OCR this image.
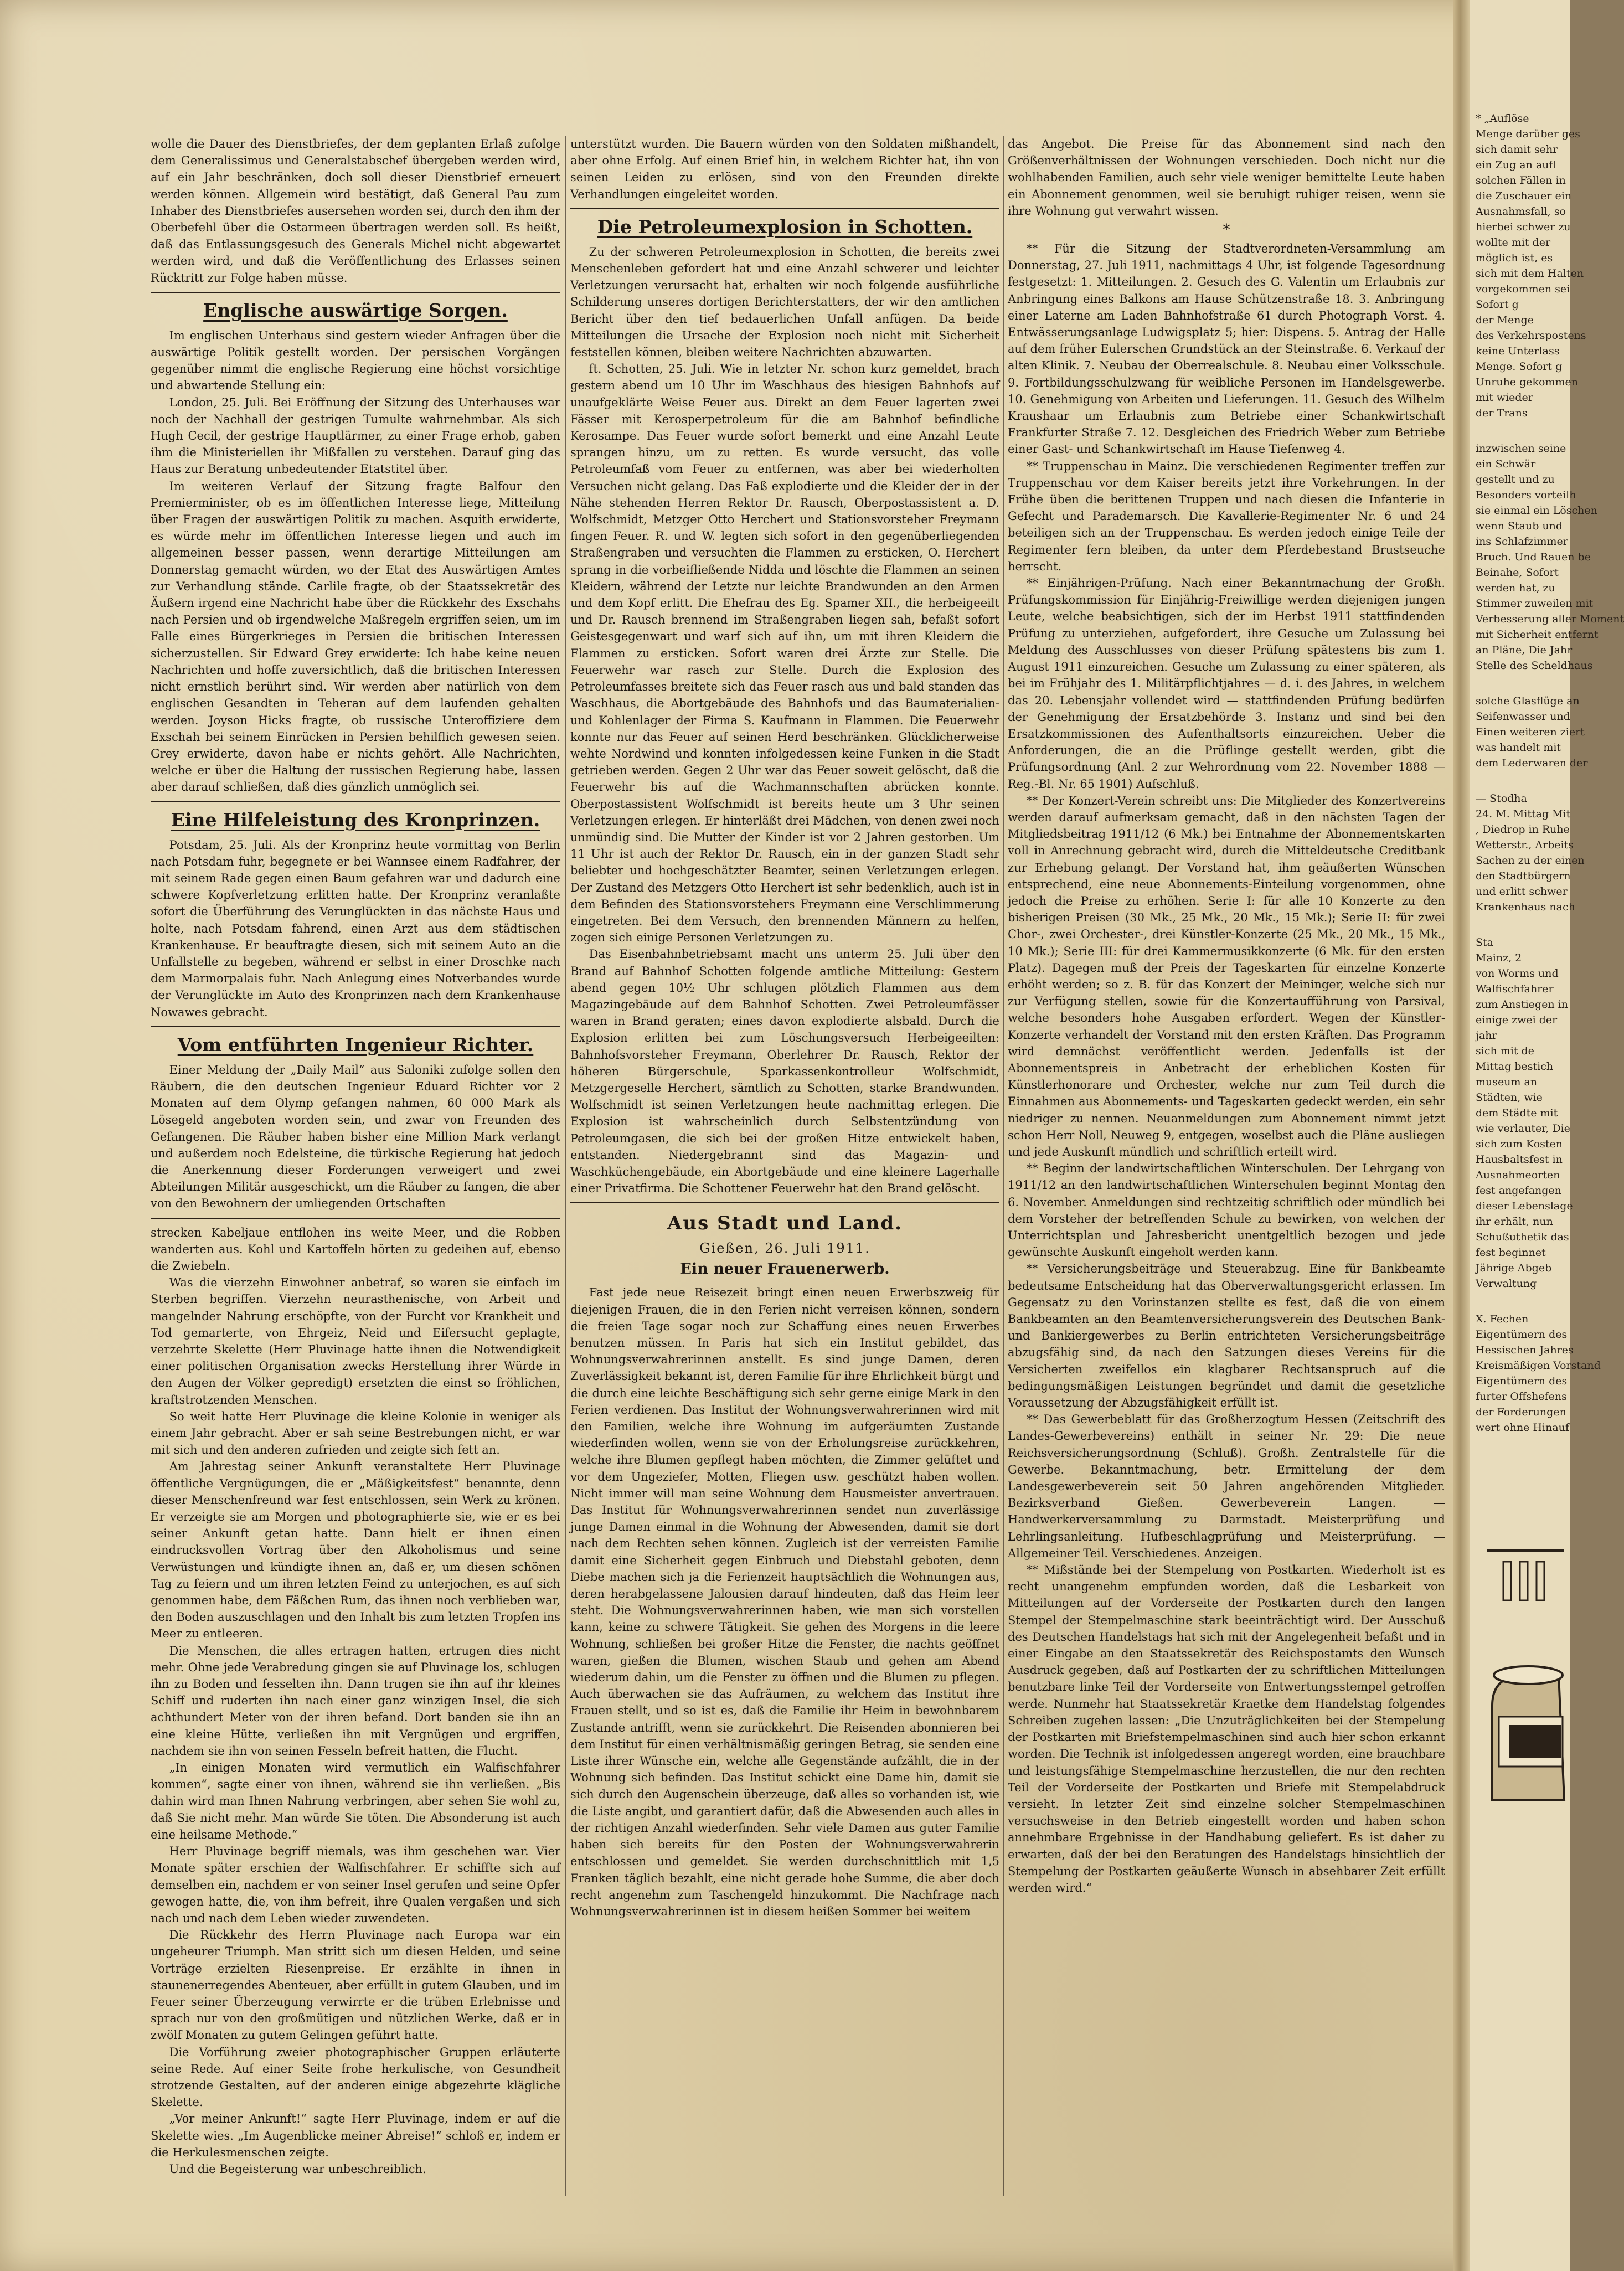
wolle die Dauer des Dienstbriefes, der dem geplanten Erlaß zufolge dem Generalissimus und Generalstabschef übergeben werden wird, auf ein Jahr beschränken, doch soll dieser Dienstbrief erneuert werden können. Allgemein wird bestätigt, daß General Pau zum Inhaber des Dienstbriefes ausersehen worden sei, durch den ihm der Oberbefehl über die Ostarmeen übertragen werden soll. Es heißt, daß das Entlassungsgesuch des Generals Michel nicht abgewartet werden wird, und daß die Veröffentlichung des Erlasses seinen Rücktritt zur Folge haben müsse.

Englische auswärtige Sorgen.

Im englischen Unterhaus sind gestern wieder Anfragen über die auswärtige Politik gestellt worden. Der persischen Vorgängen gegenüber nimmt die englische Regierung eine höchst vorsichtige und abwartende Stellung ein:

London, 25. Juli. Bei Eröffnung der Sitzung des Unterhauses war noch der Nachhall der gestrigen Tumulte wahrnehmbar. Als sich Hugh Cecil, der gestrige Hauptlärmer, zu einer Frage erhob, gaben ihm die Ministeriellen ihr Mißfallen zu verstehen. Darauf ging das Haus zur Beratung unbedeutender Etatstitel über.

Im weiteren Verlauf der Sitzung fragte Balfour den Premierminister, ob es im öffentlichen Interesse liege, Mitteilung über Fragen der auswärtigen Politik zu machen. Asquith erwiderte, es würde mehr im öffentlichen Interesse liegen und auch im allgemeinen besser passen, wenn derartige Mitteilungen am Donnerstag gemacht würden, wo der Etat des Auswärtigen Amtes zur Verhandlung stände. Carlile fragte, ob der Staatssekretär des Äußern irgend eine Nachricht habe über die Rückkehr des Exschahs nach Persien und ob irgendwelche Maßregeln ergriffen seien, um im Falle eines Bürgerkrieges in Persien die britischen Interessen sicherzustellen. Sir Edward Grey erwiderte: Ich habe keine neuen Nachrichten und hoffe zuversichtlich, daß die britischen Interessen nicht ernstlich berührt sind. Wir werden aber natürlich von dem englischen Gesandten in Teheran auf dem laufenden gehalten werden. Joyson Hicks fragte, ob russische Unteroffiziere dem Exschah bei seinem Einrücken in Persien behilflich gewesen seien. Grey erwiderte, davon habe er nichts gehört. Alle Nachrichten, welche er über die Haltung der russischen Regierung habe, lassen aber darauf schließen, daß dies gänzlich unmöglich sei.

Eine Hilfeleistung des Kronprinzen.

Potsdam, 25. Juli. Als der Kronprinz heute vormittag von Berlin nach Potsdam fuhr, begegnete er bei Wannsee einem Radfahrer, der mit seinem Rade gegen einen Baum gefahren war und dadurch eine schwere Kopfverletzung erlitten hatte. Der Kronprinz veranlaßte sofort die Überführung des Verunglückten in das nächste Haus und holte, nach Potsdam fahrend, einen Arzt aus dem städtischen Krankenhause. Er beauftragte diesen, sich mit seinem Auto an die Unfallstelle zu begeben, während er selbst in einer Droschke nach dem Marmorpalais fuhr. Nach Anlegung eines Notverbandes wurde der Verunglückte im Auto des Kronprinzen nach dem Krankenhause Nowawes gebracht.

Vom entführten Ingenieur Richter.

Einer Meldung der „Daily Mail“ aus Saloniki zufolge sollen den Räubern, die den deutschen Ingenieur Eduard Richter vor 2 Monaten auf dem Olymp gefangen nahmen, 60 000 Mark als Lösegeld angeboten worden sein, und zwar von Freunden des Gefangenen. Die Räuber haben bisher eine Million Mark verlangt und außerdem noch Edelsteine, die türkische Regierung hat jedoch die Anerkennung dieser Forderungen verweigert und zwei Abteilungen Militär ausgeschickt, um die Räuber zu fangen, die aber von den Bewohnern der umliegenden Ortschaften

strecken Kabeljaue entflohen ins weite Meer, und die Robben wanderten aus. Kohl und Kartoffeln hörten zu gedeihen auf, ebenso die Zwiebeln.

Was die vierzehn Einwohner anbetraf, so waren sie einfach im Sterben begriffen. Vierzehn neurasthenische, von Arbeit und mangelnder Nahrung erschöpfte, von der Furcht vor Krankheit und Tod gemarterte, von Ehrgeiz, Neid und Eifersucht geplagte, verzehrte Skelette (Herr Pluvinage hatte ihnen die Notwendigkeit einer politischen Organisation zwecks Herstellung ihrer Würde in den Augen der Völker gepredigt) ersetzten die einst so fröhlichen, kraftstrotzenden Menschen.

So weit hatte Herr Pluvinage die kleine Kolonie in weniger als einem Jahr gebracht. Aber er sah seine Bestrebungen nicht, er war mit sich und den anderen zufrieden und zeigte sich fett an.

Am Jahrestag seiner Ankunft veranstaltete Herr Pluvinage öffentliche Vergnügungen, die er „Mäßigkeitsfest“ benannte, denn dieser Menschenfreund war fest entschlossen, sein Werk zu krönen. Er verzeigte sie am Morgen und photographierte sie, wie er es bei seiner Ankunft getan hatte. Dann hielt er ihnen einen eindrucksvollen Vortrag über den Alkoholismus und seine Verwüstungen und kündigte ihnen an, daß er, um diesen schönen Tag zu feiern und um ihren letzten Feind zu unterjochen, es auf sich genommen habe, dem Fäßchen Rum, das ihnen noch verblieben war, den Boden auszuschlagen und den Inhalt bis zum letzten Tropfen ins Meer zu entleeren.

Die Menschen, die alles ertragen hatten, ertrugen dies nicht mehr. Ohne jede Verabredung gingen sie auf Pluvinage los, schlugen ihn zu Boden und fesselten ihn. Dann trugen sie ihn auf ihr kleines Schiff und ruderten ihn nach einer ganz winzigen Insel, die sich achthundert Meter von der ihren befand. Dort banden sie ihn an eine kleine Hütte, verließen ihn mit Vergnügen und ergriffen, nachdem sie ihn von seinen Fesseln befreit hatten, die Flucht.

„In einigen Monaten wird vermutlich ein Walfischfahrer kommen“, sagte einer von ihnen, während sie ihn verließen. „Bis dahin wird man Ihnen Nahrung verbringen, aber sehen Sie wohl zu, daß Sie nicht mehr. Man würde Sie töten. Die Absonderung ist auch eine heilsame Methode.“

Herr Pluvinage begriff niemals, was ihm geschehen war. Vier Monate später erschien der Walfischfahrer. Er schiffte sich auf demselben ein, nachdem er von seiner Insel gerufen und seine Opfer gewogen hatte, die, von ihm befreit, ihre Qualen vergaßen und sich nach und nach dem Leben wieder zuwendeten.

Die Rückkehr des Herrn Pluvinage nach Europa war ein ungeheurer Triumph. Man stritt sich um diesen Helden, und seine Vorträge erzielten Riesenpreise. Er erzählte in ihnen in staunenerregendes Abenteuer, aber erfüllt in gutem Glauben, und im Feuer seiner Überzeugung verwirrte er die trüben Erlebnisse und sprach nur von den großmütigen und nützlichen Werke, daß er in zwölf Monaten zu gutem Gelingen geführt hatte.

Die Vorführung zweier photographischer Gruppen erläuterte seine Rede. Auf einer Seite frohe herkulische, von Gesundheit strotzende Gestalten, auf der anderen einige abgezehrte klägliche Skelette.

„Vor meiner Ankunft!“ sagte Herr Pluvinage, indem er auf die Skelette wies. „Im Augenblicke meiner Abreise!“ schloß er, indem er die Herkulesmenschen zeigte.

Und die Begeisterung war unbeschreiblich.

unterstützt wurden. Die Bauern würden von den Soldaten mißhandelt, aber ohne Erfolg. Auf einen Brief hin, in welchem Richter hat, ihn von seinen Leiden zu erlösen, sind von den Freunden direkte Verhandlungen eingeleitet worden.

Die Petroleumexplosion in Schotten.

Zu der schweren Petroleumexplosion in Schotten, die bereits zwei Menschenleben gefordert hat und eine Anzahl schwerer und leichter Verletzungen verursacht hat, erhalten wir noch folgende ausführliche Schilderung unseres dortigen Berichterstatters, der wir den amtlichen Bericht über den tief bedauerlichen Unfall anfügen. Da beide Mitteilungen die Ursache der Explosion noch nicht mit Sicherheit feststellen können, bleiben weitere Nachrichten abzuwarten.

ft. Schotten, 25. Juli. Wie in letzter Nr. schon kurz gemeldet, brach gestern abend um 10 Uhr im Waschhaus des hiesigen Bahnhofs auf unaufgeklärte Weise Feuer aus. Direkt an dem Feuer lagerten zwei Fässer mit Kerosperpetroleum für die am Bahnhof befindliche Kerosampe. Das Feuer wurde sofort bemerkt und eine Anzahl Leute sprangen hinzu, um zu retten. Es wurde versucht, das volle Petroleumfaß vom Feuer zu entfernen, was aber bei wiederholten Versuchen nicht gelang. Das Faß explodierte und die Kleider der in der Nähe stehenden Herren Rektor Dr. Rausch, Oberpostassistent a. D. Wolfschmidt, Metzger Otto Herchert und Stationsvorsteher Freymann fingen Feuer. R. und W. legten sich sofort in den gegenüberliegenden Straßengraben und versuchten die Flammen zu ersticken, O. Herchert sprang in die vorbeifließende Nidda und löschte die Flammen an seinen Kleidern, während der Letzte nur leichte Brandwunden an den Armen und dem Kopf erlitt. Die Ehefrau des Eg. Spamer XII., die herbeigeeilt und Dr. Rausch brennend im Straßengraben liegen sah, befaßt sofort Geistesgegenwart und warf sich auf ihn, um mit ihren Kleidern die Flammen zu ersticken. Sofort waren drei Ärzte zur Stelle. Die Feuerwehr war rasch zur Stelle. Durch die Explosion des Petroleumfasses breitete sich das Feuer rasch aus und bald standen das Waschhaus, die Abortgebäude des Bahnhofs und das Baumaterialien- und Kohlenlager der Firma S. Kaufmann in Flammen. Die Feuerwehr konnte nur das Feuer auf seinen Herd beschränken. Glücklicherweise wehte Nordwind und konnten infolgedessen keine Funken in die Stadt getrieben werden. Gegen 2 Uhr war das Feuer soweit gelöscht, daß die Feuerwehr bis auf die Wachmannschaften abrücken konnte. Oberpostassistent Wolfschmidt ist bereits heute um 3 Uhr seinen Verletzungen erlegen. Er hinterläßt drei Mädchen, von denen zwei noch unmündig sind. Die Mutter der Kinder ist vor 2 Jahren gestorben. Um 11 Uhr ist auch der Rektor Dr. Rausch, ein in der ganzen Stadt sehr beliebter und hochgeschätzter Beamter, seinen Verletzungen erlegen. Der Zustand des Metzgers Otto Herchert ist sehr bedenklich, auch ist in dem Befinden des Stationsvorstehers Freymann eine Verschlimmerung eingetreten. Bei dem Versuch, den brennenden Männern zu helfen, zogen sich einige Personen Verletzungen zu.

Das Eisenbahnbetriebsamt macht uns unterm 25. Juli über den Brand auf Bahnhof Schotten folgende amtliche Mitteilung: Gestern abend gegen 10½ Uhr schlugen plötzlich Flammen aus dem Magazingebäude auf dem Bahnhof Schotten. Zwei Petroleumfässer waren in Brand geraten; eines davon explodierte alsbald. Durch die Explosion erlitten bei zum Löschungsversuch Herbeigeeilten: Bahnhofsvorsteher Freymann, Oberlehrer Dr. Rausch, Rektor der höheren Bürgerschule, Sparkassenkontrolleur Wolfschmidt, Metzgergeselle Herchert, sämtlich zu Schotten, starke Brandwunden. Wolfschmidt ist seinen Verletzungen heute nachmittag erlegen. Die Explosion ist wahrscheinlich durch Selbstentzündung von Petroleumgasen, die sich bei der großen Hitze entwickelt haben, entstanden. Niedergebrannt sind das Magazin- und Waschküchengebäude, ein Abortgebäude und eine kleinere Lagerhalle einer Privatfirma. Die Schottener Feuerwehr hat den Brand gelöscht.

Aus Stadt und Land.
Gießen, 26. Juli 1911.
Ein neuer Frauenerwerb.

Fast jede neue Reisezeit bringt einen neuen Erwerbszweig für diejenigen Frauen, die in den Ferien nicht verreisen können, sondern die freien Tage sogar noch zur Schaffung eines neuen Erwerbes benutzen müssen. In Paris hat sich ein Institut gebildet, das Wohnungsverwahrerinnen anstellt. Es sind junge Damen, deren Zuverlässigkeit bekannt ist, deren Familie für ihre Ehrlichkeit bürgt und die durch eine leichte Beschäftigung sich sehr gerne einige Mark in den Ferien verdienen. Das Institut der Wohnungsverwahrerinnen wird mit den Familien, welche ihre Wohnung im aufgeräumten Zustande wiederfinden wollen, wenn sie von der Erholungsreise zurückkehren, welche ihre Blumen gepflegt haben möchten, die Zimmer gelüftet und vor dem Ungeziefer, Motten, Fliegen usw. geschützt haben wollen. Nicht immer will man seine Wohnung dem Hausmeister anvertrauen. Das Institut für Wohnungsverwahrerinnen sendet nun zuverlässige junge Damen einmal in die Wohnung der Abwesenden, damit sie dort nach dem Rechten sehen können. Zugleich ist der verreisten Familie damit eine Sicherheit gegen Einbruch und Diebstahl geboten, denn Diebe machen sich ja die Ferienzeit hauptsächlich die Wohnungen aus, deren herabgelassene Jalousien darauf hindeuten, daß das Heim leer steht. Die Wohnungsverwahrerinnen haben, wie man sich vorstellen kann, keine zu schwere Tätigkeit. Sie gehen des Morgens in die leere Wohnung, schließen bei großer Hitze die Fenster, die nachts geöffnet waren, gießen die Blumen, wischen Staub und gehen am Abend wiederum dahin, um die Fenster zu öffnen und die Blumen zu pflegen. Auch überwachen sie das Aufräumen, zu welchem das Institut ihre Frauen stellt, und so ist es, daß die Familie ihr Heim in bewohnbarem Zustande antrifft, wenn sie zurückkehrt. Die Reisenden abonnieren bei dem Institut für einen verhältnismäßig geringen Betrag, sie senden eine Liste ihrer Wünsche ein, welche alle Gegenstände aufzählt, die in der Wohnung sich befinden. Das Institut schickt eine Dame hin, damit sie sich durch den Augenschein überzeuge, daß alles so vorhanden ist, wie die Liste angibt, und garantiert dafür, daß die Abwesenden auch alles in der richtigen Anzahl wiederfinden. Sehr viele Damen aus guter Familie haben sich bereits für den Posten der Wohnungsverwahrerin entschlossen und gemeldet. Sie werden durchschnittlich mit 1,5 Franken täglich bezahlt, eine nicht gerade hohe Summe, die aber doch recht angenehm zum Taschengeld hinzukommt. Die Nachfrage nach Wohnungsverwahrerinnen ist in diesem heißen Sommer bei weitem

das Angebot. Die Preise für das Abonnement sind nach den Größenverhältnissen der Wohnungen verschieden. Doch nicht nur die wohlhabenden Familien, auch sehr viele weniger bemittelte Leute haben ein Abonnement genommen, weil sie beruhigt ruhiger reisen, wenn sie ihre Wohnung gut verwahrt wissen.

*

** Für die Sitzung der Stadtverordneten-Versammlung am Donnerstag, 27. Juli 1911, nachmittags 4 Uhr, ist folgende Tagesordnung festgesetzt: 1. Mitteilungen. 2. Gesuch des G. Valentin um Erlaubnis zur Anbringung eines Balkons am Hause Schützenstraße 18. 3. Anbringung einer Laterne am Laden Bahnhofstraße 61 durch Photograph Vorst. 4. Entwässerungsanlage Ludwigsplatz 5; hier: Dispens. 5. Antrag der Halle auf dem früher Eulerschen Grundstück an der Steinstraße. 6. Verkauf der alten Klinik. 7. Neubau der Oberrealschule. 8. Neubau einer Volksschule. 9. Fortbildungsschulzwang für weibliche Personen im Handelsgewerbe. 10. Genehmigung von Arbeiten und Lieferungen. 11. Gesuch des Wilhelm Kraushaar um Erlaubnis zum Betriebe einer Schankwirtschaft Frankfurter Straße 7. 12. Desgleichen des Friedrich Weber zum Betriebe einer Gast- und Schankwirtschaft im Hause Tiefenweg 4.

** Truppenschau in Mainz. Die verschiedenen Regimenter treffen zur Truppenschau vor dem Kaiser bereits jetzt ihre Vorkehrungen. In der Frühe üben die berittenen Truppen und nach diesen die Infanterie in Gefecht und Parademarsch. Die Kavallerie-Regimenter Nr. 6 und 24 beteiligen sich an der Truppenschau. Es werden jedoch einige Teile der Regimenter fern bleiben, da unter dem Pferdebestand Brustseuche herrscht.

** Einjährigen-Prüfung. Nach einer Bekanntmachung der Großh. Prüfungskommission für Einjährig-Freiwillige werden diejenigen jungen Leute, welche beabsichtigen, sich der im Herbst 1911 stattfindenden Prüfung zu unterziehen, aufgefordert, ihre Gesuche um Zulassung bei Meldung des Ausschlusses von dieser Prüfung spätestens bis zum 1. August 1911 einzureichen. Gesuche um Zulassung zu einer späteren, als bei im Frühjahr des 1. Militärpflichtjahres — d. i. des Jahres, in welchem das 20. Lebensjahr vollendet wird — stattfindenden Prüfung bedürfen der Genehmigung der Ersatzbehörde 3. Instanz und sind bei den Ersatzkommissionen des Aufenthaltsorts einzureichen. Ueber die Anforderungen, die an die Prüflinge gestellt werden, gibt die Prüfungsordnung (Anl. 2 zur Wehrordnung vom 22. November 1888 — Reg.-Bl. Nr. 65 1901) Aufschluß.

** Der Konzert-Verein schreibt uns: Die Mitglieder des Konzertvereins werden darauf aufmerksam gemacht, daß in den nächsten Tagen der Mitgliedsbeitrag 1911/12 (6 Mk.) bei Entnahme der Abonnementskarten voll in Anrechnung gebracht wird, durch die Mitteldeutsche Creditbank zur Erhebung gelangt. Der Vorstand hat, ihm geäußerten Wünschen entsprechend, eine neue Abonnements-Einteilung vorgenommen, ohne jedoch die Preise zu erhöhen. Serie I: für alle 10 Konzerte zu den bisherigen Preisen (30 Mk., 25 Mk., 20 Mk., 15 Mk.); Serie II: für zwei Chor-, zwei Orchester-, drei Künstler-Konzerte (25 Mk., 20 Mk., 15 Mk., 10 Mk.); Serie III: für drei Kammermusikkonzerte (6 Mk. für den ersten Platz). Dagegen muß der Preis der Tageskarten für einzelne Konzerte erhöht werden; so z. B. für das Konzert der Meininger, welche sich nur zur Verfügung stellen, sowie für die Konzertaufführung von Parsival, welche besonders hohe Ausgaben erfordert. Wegen der Künstler-Konzerte verhandelt der Vorstand mit den ersten Kräften. Das Programm wird demnächst veröffentlicht werden. Jedenfalls ist der Abonnementspreis in Anbetracht der erheblichen Kosten für Künstlerhonorare und Orchester, welche nur zum Teil durch die Einnahmen aus Abonnements- und Tageskarten gedeckt werden, ein sehr niedriger zu nennen. Neuanmeldungen zum Abonnement nimmt jetzt schon Herr Noll, Neuweg 9, entgegen, woselbst auch die Pläne ausliegen und jede Auskunft mündlich und schriftlich erteilt wird.

** Beginn der landwirtschaftlichen Winterschulen. Der Lehrgang von 1911/12 an den landwirtschaftlichen Winterschulen beginnt Montag den 6. November. Anmeldungen sind rechtzeitig schriftlich oder mündlich bei dem Vorsteher der betreffenden Schule zu bewirken, von welchen der Unterrichtsplan und Jahresbericht unentgeltlich bezogen und jede gewünschte Auskunft eingeholt werden kann.

** Versicherungsbeiträge und Steuerabzug. Eine für Bankbeamte bedeutsame Entscheidung hat das Oberverwaltungsgericht erlassen. Im Gegensatz zu den Vorinstanzen stellte es fest, daß die von einem Bankbeamten an den Beamtenversicherungsverein des Deutschen Bank- und Bankiergewerbes zu Berlin entrichteten Versicherungsbeiträge abzugsfähig sind, da nach den Satzungen dieses Vereins für die Versicherten zweifellos ein klagbarer Rechtsanspruch auf die bedingungsmäßigen Leistungen begründet und damit die gesetzliche Voraussetzung der Abzugsfähigkeit erfüllt ist.

** Das Gewerbeblatt für das Großherzogtum Hessen (Zeitschrift des Landes-Gewerbevereins) enthält in seiner Nr. 29: Die neue Reichsversicherungsordnung (Schluß). Großh. Zentralstelle für die Gewerbe. Bekanntmachung, betr. Ermittelung der dem Landesgewerbeverein seit 50 Jahren angehörenden Mitglieder. Bezirksverband Gießen. Gewerbeverein Langen. — Handwerkerversammlung zu Darmstadt. Meisterprüfung und Lehrlingsanleitung. Hufbeschlagprüfung und Meisterprüfung. — Allgemeiner Teil. Verschiedenes. Anzeigen.

** Mißstände bei der Stempelung von Postkarten. Wiederholt ist es recht unangenehm empfunden worden, daß die Lesbarkeit von Mitteilungen auf der Vorderseite der Postkarten durch den langen Stempel der Stempelmaschine stark beeinträchtigt wird. Der Ausschuß des Deutschen Handelstags hat sich mit der Angelegenheit befaßt und in einer Eingabe an den Staatssekretär des Reichspostamts den Wunsch Ausdruck gegeben, daß auf Postkarten der zu schriftlichen Mitteilungen benutzbare linke Teil der Vorderseite von Entwertungsstempel getroffen werde. Nunmehr hat Staatssekretär Kraetke dem Handelstag folgendes Schreiben zugehen lassen: „Die Unzuträglichkeiten bei der Stempelung der Postkarten mit Briefstempelmaschinen sind auch hier schon erkannt worden. Die Technik ist infolgedessen angeregt worden, eine brauchbare und leistungsfähige Stempelmaschine herzustellen, die nur den rechten Teil der Vorderseite der Postkarten und Briefe mit Stempelabdruck versieht. In letzter Zeit sind einzelne solcher Stempelmaschinen versuchsweise in den Betrieb eingestellt worden und haben schon annehmbare Ergebnisse in der Handhabung geliefert. Es ist daher zu erwarten, daß der bei den Beratungen des Handelstags hinsichtlich der Stempelung der Postkarten geäußerte Wunsch in absehbarer Zeit erfüllt werden wird.“

* „Auflöse
Menge darüber ges
sich damit sehr
ein Zug an aufl
solchen Fällen in
die Zuschauer ein
Ausnahmsfall, so
hierbei schwer zu
wollte mit der
möglich ist, es
sich mit dem Halten
vorgekommen sei
Sofort g
der Menge
des Verkehrspostens
keine Unterlass
Menge. Sofort g
Unruhe gekommen
mit wieder
der Trans
inzwischen seine
ein Schwär
gestellt und zu
Besonders vorteilh
sie einmal ein Löschen
wenn Staub und
ins Schlafzimmer
Bruch. Und Rauen be
Beinahe, Sofort
werden hat, zu
Stimmer zuweilen mit
Verbesserung aller Moment
mit Sicherheit entfernt
an Pläne, Die Jahr
Stelle des Scheldhaus
solche Glasflüge an
Seifenwasser und
Einen weiteren ziert
was handelt mit
dem Lederwaren der
— Stodha
24. M. Mittag Mit
, Diedrop in Ruhe
Wetterstr., Arbeits
Sachen zu der einen
den Stadtbürgern
und erlitt schwer
Krankenhaus nach
Sta
Mainz, 2
von Worms und
Walfischfahrer
zum Anstiegen in
einige zwei der
jahr
sich mit de
Mittag bestich
museum an
Städten, wie
dem Städte mit
wie verlauter, Die
sich zum Kosten
Hausbaltsfest in
Ausnahmeorten
fest angefangen
dieser Lebenslage
ihr erhält, nun
Schußuthetik das
fest beginnet
Jährige Abgeb
Verwaltung
X. Fechen
Eigentümern des
Hessischen Jahres
Kreismäßigen Vorstand
Eigentümern des
furter Offshefens
der Forderungen
wert ohne Hinauf
